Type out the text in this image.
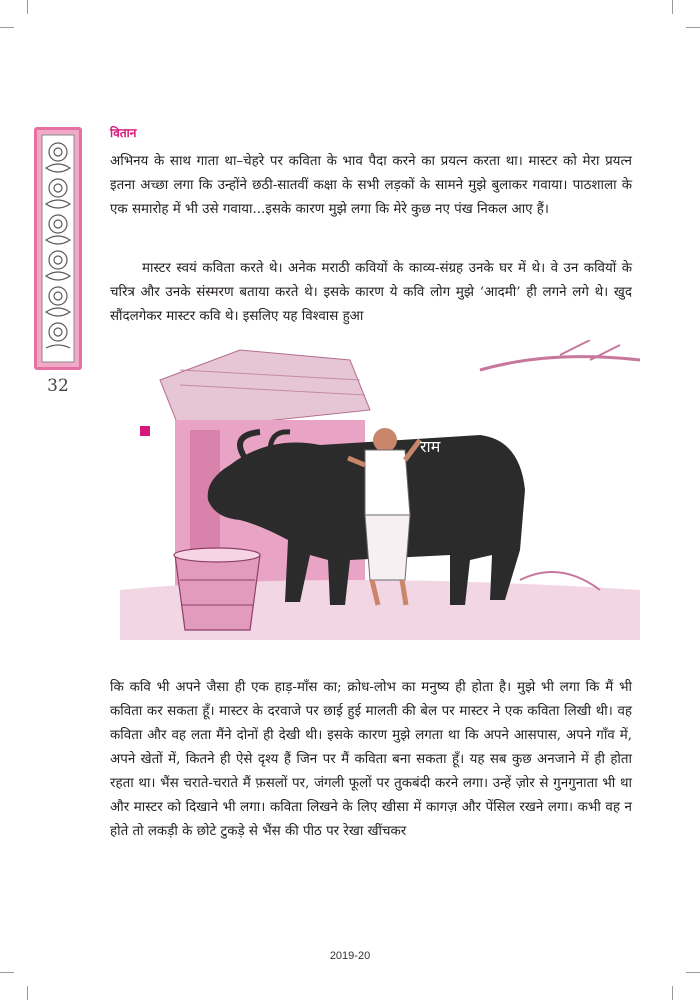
वितान
32

अभिनय के साथ गाता था–चेहरे पर कविता के भाव पैदा करने का प्रयत्न करता था। मास्टर को मेरा प्रयत्न इतना अच्छा लगा कि उन्होंने छठी-सातवीं कक्षा के सभी लड़कों के सामने मुझे बुलाकर गवाया। पाठशाला के एक समारोह में भी उसे गवाया...इसके कारण मुझे लगा कि मेरे कुछ नए पंख निकल आए हैं।

मास्टर स्वयं कविता करते थे। अनेक मराठी कवियों के काव्य-संग्रह उनके घर में थे। वे उन कवियों के चरित्र और उनके संस्मरण बताया करते थे। इसके कारण ये कवि लोग मुझे ‘आदमी’ ही लगने लगे थे। खुद सौंदलगेकर मास्टर कवि थे। इसलिए यह विश्वास हुआ

राम

कि कवि भी अपने जैसा ही एक हाड़-माँस का; क्रोध-लोभ का मनुष्य ही होता है। मुझे भी लगा कि मैं भी कविता कर सकता हूँ। मास्टर के दरवाजे पर छाई हुई मालती की बेल पर मास्टर ने एक कविता लिखी थी। वह कविता और वह लता मैंने दोनों ही देखी थी। इसके कारण मुझे लगता था कि अपने आसपास, अपने गाँव में, अपने खेतों में, कितने ही ऐसे दृश्य हैं जिन पर मैं कविता बना सकता हूँ। यह सब कुछ अनजाने में ही होता रहता था। भैंस चराते-चराते मैं फ़सलों पर, जंगली फूलों पर तुकबंदी करने लगा। उन्हें ज़ोर से गुनगुनाता भी था और मास्टर को दिखाने भी लगा। कविता लिखने के लिए खीसा में कागज़ और पेंसिल रखने लगा। कभी वह न होते तो लकड़ी के छोटे टुकड़े से भैंस की पीठ पर रेखा खींचकर

2019-20
